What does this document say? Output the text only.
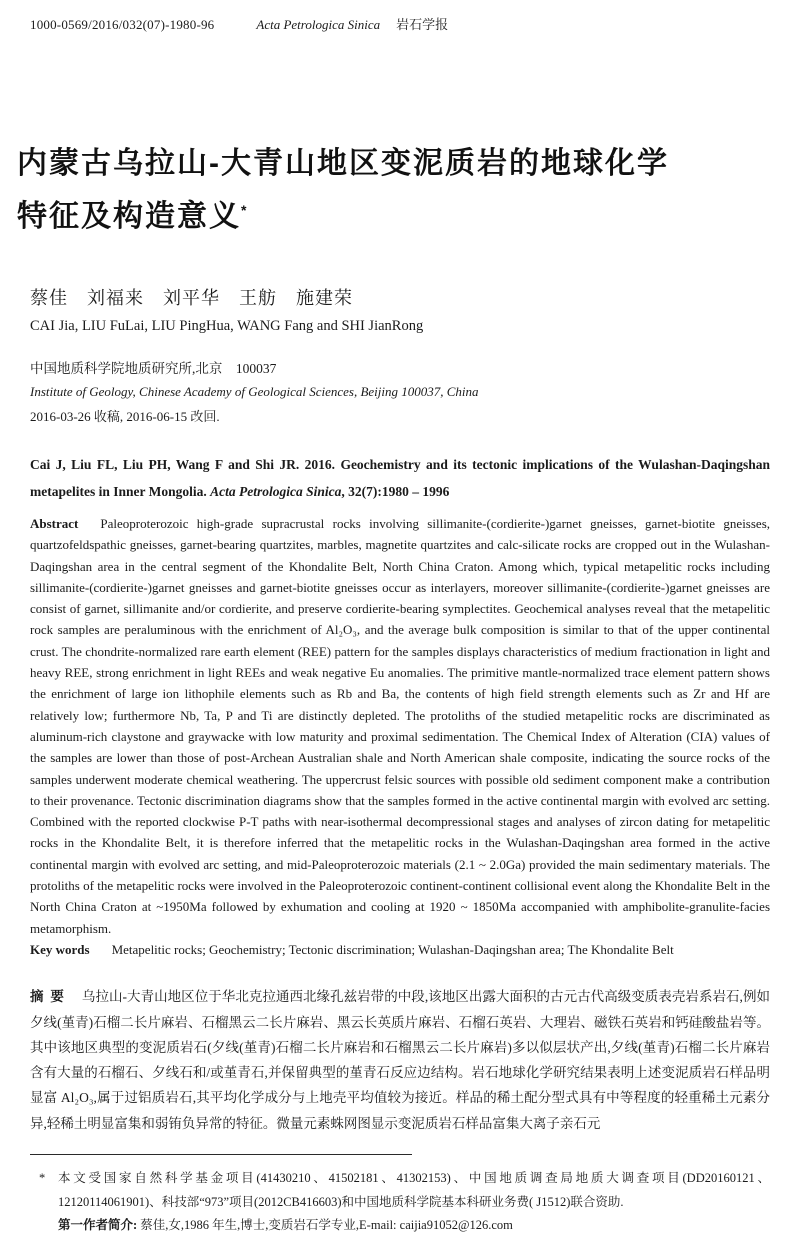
1000-0569/2016/032(07)-1980-96	Acta Petrologica Sinica 岩石学报
内蒙古乌拉山-大青山地区变泥质岩的地球化学
特征及构造意义*
蔡佳　刘福来　刘平华　王舫　施建荣
CAI Jia, LIU FuLai, LIU PingHua, WANG Fang and SHI JianRong
中国地质科学院地质研究所,北京　100037
Institute of Geology, Chinese Academy of Geological Sciences, Beijing 100037, China
2016-03-26 收稿, 2016-06-15 改回.
Cai J, Liu FL, Liu PH, Wang F and Shi JR. 2016. Geochemistry and its tectonic implications of the Wulashan-Daqingshan metapelites in Inner Mongolia. Acta Petrologica Sinica, 32(7):1980 – 1996
Abstract Paleoproterozoic high-grade supracrustal rocks involving sillimanite-(cordierite-)garnet gneisses, garnet-biotite gneisses, quartzofeldspathic gneisses, garnet-bearing quartzites, marbles, magnetite quartzites and calc-silicate rocks are cropped out in the Wulashan-Daqingshan area in the central segment of the Khondalite Belt, North China Craton. Among which, typical metapelitic rocks including sillimanite-(cordierite-)garnet gneisses and garnet-biotite gneisses occur as interlayers, moreover sillimanite-(cordierite-)garnet gneisses are consist of garnet, sillimanite and/or cordierite, and preserve cordierite-bearing symplectites. Geochemical analyses reveal that the metapelitic rock samples are peraluminous with the enrichment of Al₂O₃, and the average bulk composition is similar to that of the upper continental crust. The chondrite-normalized rare earth element (REE) pattern for the samples displays characteristics of medium fractionation in light and heavy REE, strong enrichment in light REEs and weak negative Eu anomalies. The primitive mantle-normalized trace element pattern shows the enrichment of large ion lithophile elements such as Rb and Ba, the contents of high field strength elements such as Zr and Hf are relatively low; furthermore Nb, Ta, P and Ti are distinctly depleted. The protoliths of the studied metapelitic rocks are discriminated as aluminum-rich claystone and graywacke with low maturity and proximal sedimentation. The Chemical Index of Alteration (CIA) values of the samples are lower than those of post-Archean Australian shale and North American shale composite, indicating the source rocks of the samples underwent moderate chemical weathering. The uppercrust felsic sources with possible old sediment component make a contribution to their provenance. Tectonic discrimination diagrams show that the samples formed in the active continental margin with evolved arc setting. Combined with the reported clockwise P-T paths with near-isothermal decompressional stages and analyses of zircon dating for metapelitic rocks in the Khondalite Belt, it is therefore inferred that the metapelitic rocks in the Wulashan-Daqingshan area formed in the active continental margin with evolved arc setting, and mid-Paleoproterozoic materials (2.1 ~ 2.0Ga) provided the main sedimentary materials. The protoliths of the metapelitic rocks were involved in the Paleoproterozoic continent-continent collisional event along the Khondalite Belt in the North China Craton at ~1950Ma followed by exhumation and cooling at 1920 ~ 1850Ma accompanied with amphibolite-granulite-facies metamorphism.
Key words Metapelitic rocks; Geochemistry; Tectonic discrimination; Wulashan-Daqingshan area; The Khondalite Belt
摘  要 乌拉山-大青山地区位于华北克拉通西北缘孔兹岩带的中段,该地区出露大面积的古元古代高级变质表壳岩系岩石,例如夕线(堇青)石榴二长片麻岩、石榴黑云二长片麻岩、黑云长英质片麻岩、石榴石英岩、大理岩、磁铁石英岩和钙硅酸盐岩等。其中该地区典型的变泥质岩石(夕线(堇青)石榴二长片麻岩和石榴黑云二长片麻岩)多以似层状产出,夕线(堇青)石榴二长片麻岩含有大量的石榴石、夕线石和/或堇青石,并保留典型的堇青石反应边结构。岩石地球化学研究结果表明上述变泥质岩石样品明显富 Al₂O₃,属于过铝质岩石,其平均化学成分与上地壳平均值较为接近。样品的稀土配分型式具有中等程度的轻重稀土元素分异,轻稀土明显富集和弱铕负异常的特征。微量元素蛛网图显示变泥质岩石样品富集大离子亲石元
* 本文受国家自然科学基金项目(41430210、41502181、41302153)、中国地质调查局地质大调查项目(DD20160121、12120114061901)、科技部“973”项目(2012CB416603)和中国地质科学院基本科研业务费( J1512)联合资助.
第一作者简介: 蔡佳,女,1986 年生,博士,变质岩石学专业,E-mail: caijia91052@126.com
